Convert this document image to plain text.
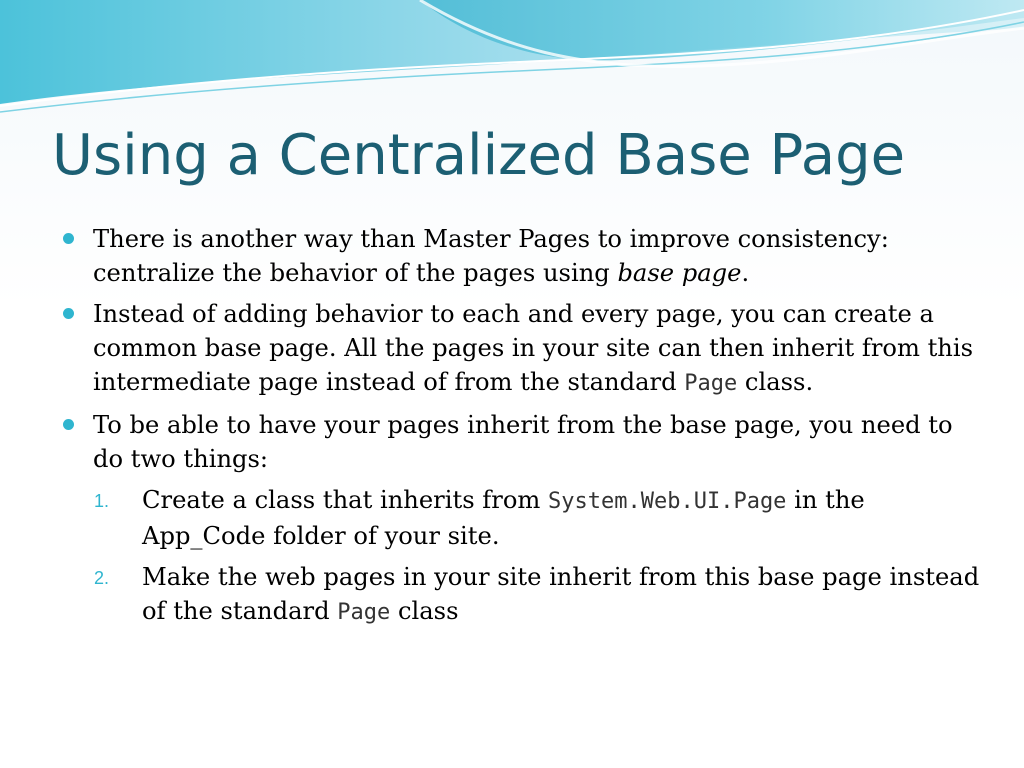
Using a Centralized Base Page
There is another way than Master Pages to improve consistency: centralize the behavior of the pages using base page.
Instead of adding behavior to each and every page, you can create a common base page. All the pages in your site can then inherit from this intermediate page instead of from the standard Page class.
To be able to have your pages inherit from the base page, you need to do two things:
1. Create a class that inherits from System.Web.UI.Page in the App_Code folder of your site.
2. Make the web pages in your site inherit from this base page instead of the standard Page class
